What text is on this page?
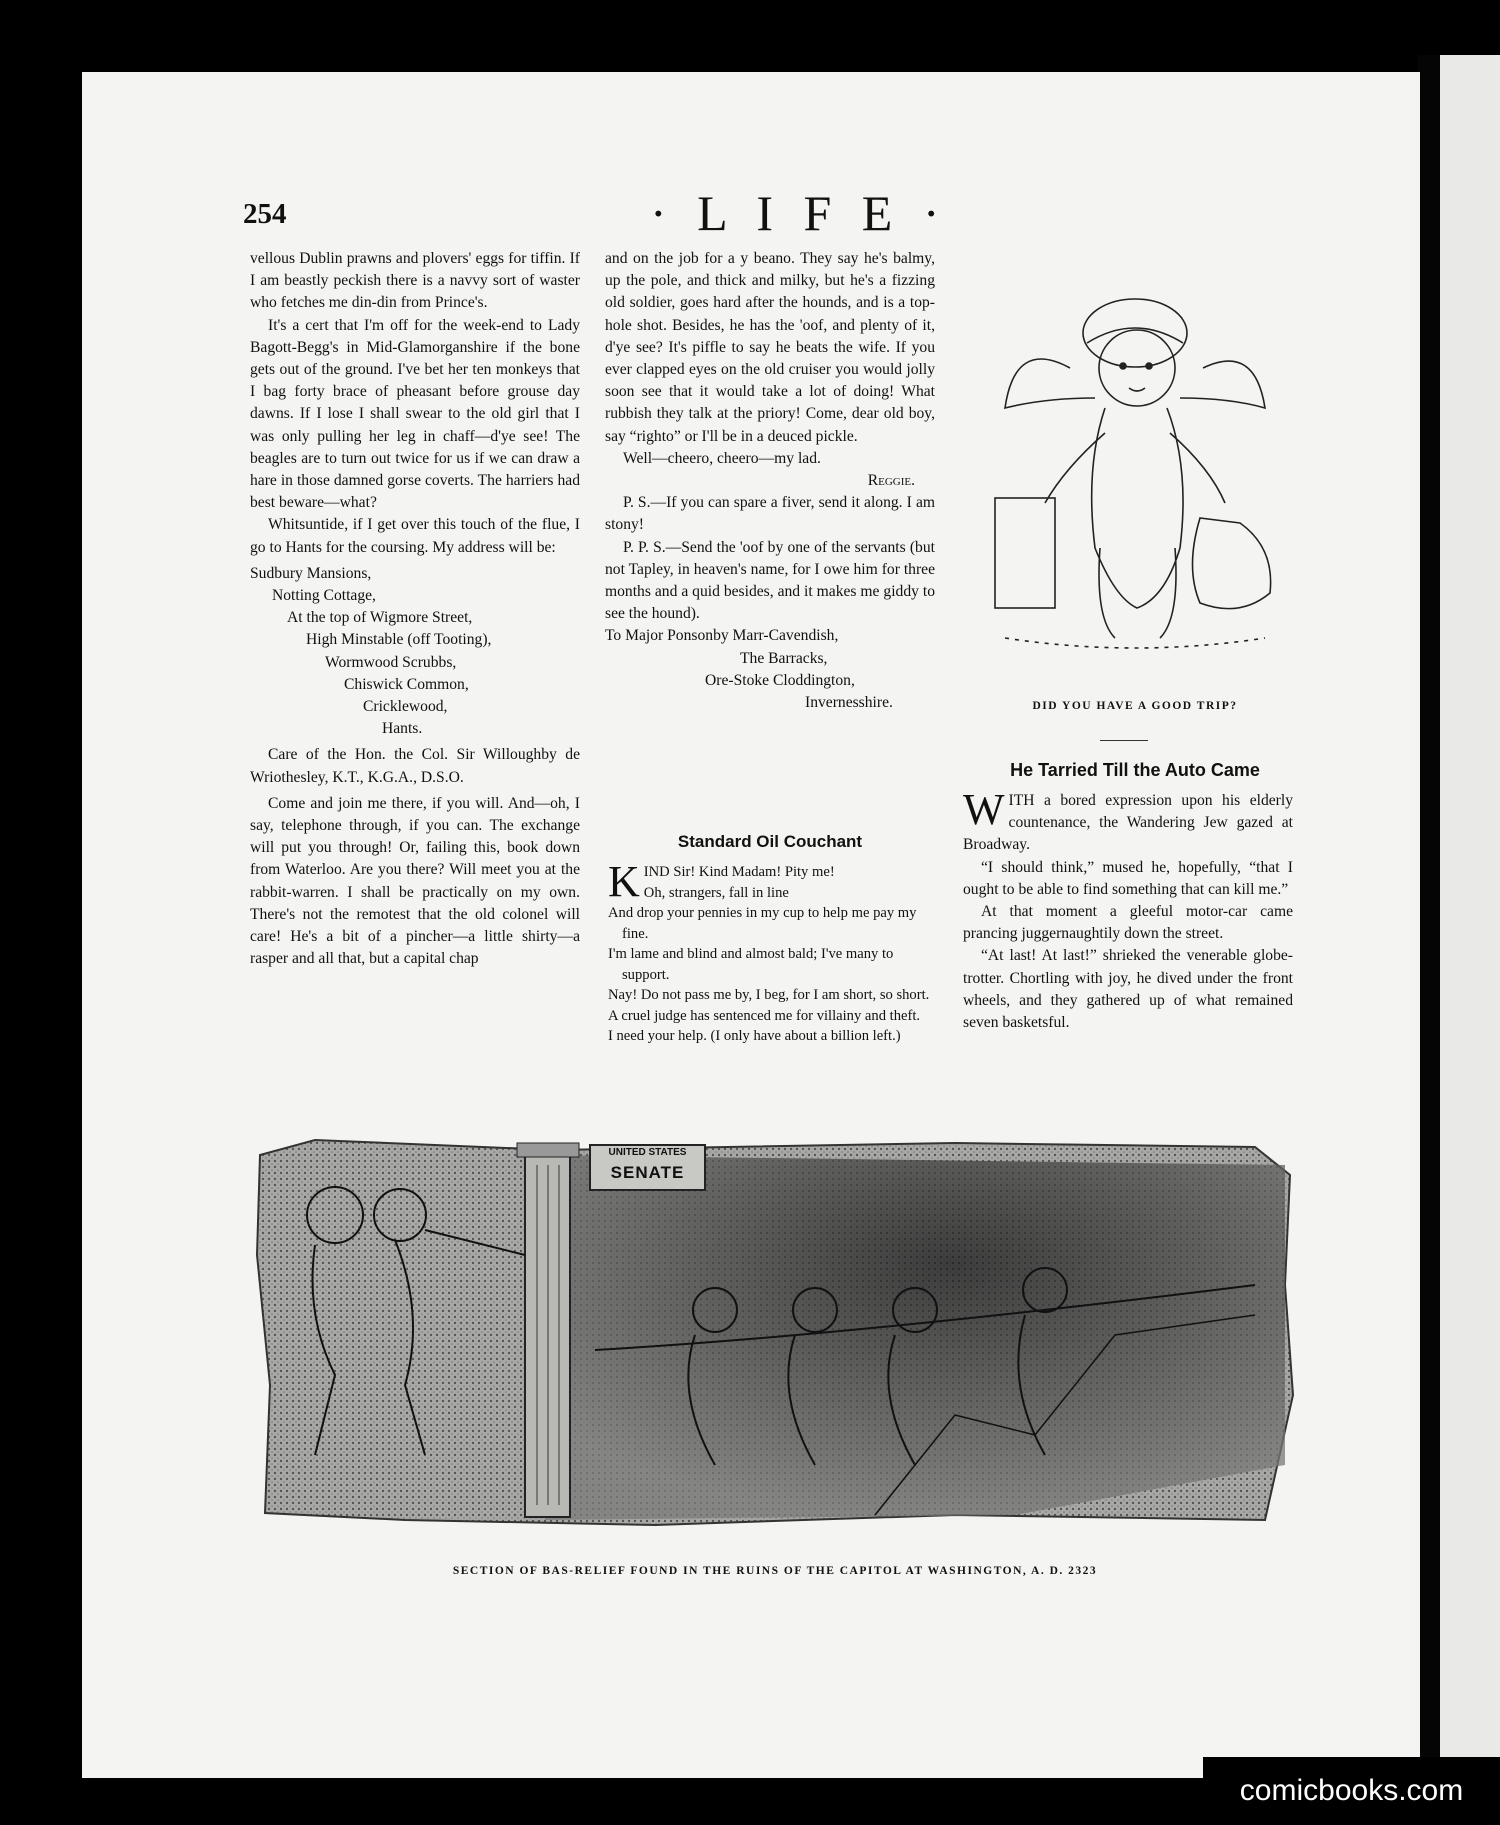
254	· L I F E ·

vellous Dublin prawns and plovers' eggs for tiffin. If I am beastly peckish there is a navvy sort of waster who fetches me din-din from Prince's.

It's a cert that I'm off for the week-end to Lady Bagott-Begg's in Mid-Glamorganshire if the bone gets out of the ground. I've bet her ten monkeys that I bag forty brace of pheasant before grouse day dawns. If I lose I shall swear to the old girl that I was only pulling her leg in chaff—d'ye see! The beagles are to turn out twice for us if we can draw a hare in those damned gorse coverts. The harriers had best beware—what?

Whitsuntide, if I get over this touch of the flue, I go to Hants for the coursing. My address will be:

Sudbury Mansions,
Notting Cottage,
At the top of Wigmore Street,
High Minstable (off Tooting),
Wormwood Scrubbs,
Chiswick Common,
Cricklewood,
Hants.

Care of the Hon. the Col. Sir Willoughby de Wriothesley, K.T., K.G.A., D.S.O.

Come and join me there, if you will. And—oh, I say, telephone through, if you can. The exchange will put you through! Or, failing this, book down from Waterloo. Are you there? Will meet you at the rabbit-warren. I shall be practically on my own. There's not the remotest that the old colonel will care! He's a bit of a pincher—a little shirty—a rasper and all that, but a capital chap

and on the job for a y beano. They say he's balmy, up the pole, and thick and milky, but he's a fizzing old soldier, goes hard after the hounds, and is a top-hole shot. Besides, he has the 'oof, and plenty of it, d'ye see? It's piffle to say he beats the wife. If you ever clapped eyes on the old cruiser you would jolly soon see that it would take a lot of doing! What rubbish they talk at the priory! Come, dear old boy, say “righto” or I'll be in a deuced pickle.

Well—cheero, cheero—my lad.

Reggie.

P. S.—If you can spare a fiver, send it along. I am stony!

P. P. S.—Send the 'oof by one of the servants (but not Tapley, in heaven's name, for I owe him for three months and a quid besides, and it makes me giddy to see the hound).

To Major Ponsonby Marr-Cavendish,
The Barracks,
Ore-Stoke Cloddington,
Invernesshire.
Standard Oil Couchant
K IND Sir! Kind Madam! Pity me!
Oh, strangers, fall in line
And drop your pennies in my cup to help me pay my fine.
I'm lame and blind and almost bald; I've many to support.
Nay! Do not pass me by, I beg, for I am short, so short.
A cruel judge has sentenced me for villainy and theft.
I need your help. (I only have about a billion left.)
DID YOU HAVE A GOOD TRIP?
He Tarried Till the Auto Came

WITH a bored expression upon his elderly countenance, the Wandering Jew gazed at Broadway.

“I should think,” mused he, hopefully, “that I ought to be able to find something that can kill me.”

At that moment a gleeful motor-car came prancing juggernaughtily down the street.

“At last! At last!” shrieked the venerable globe-trotter. Chortling with joy, he dived under the front wheels, and they gathered up of what remained seven basketsful.

UNITED STATES
SENATE
SECTION OF BAS-RELIEF FOUND IN THE RUINS OF THE CAPITOL AT WASHINGTON, A. D. 2323
comicbooks.com
